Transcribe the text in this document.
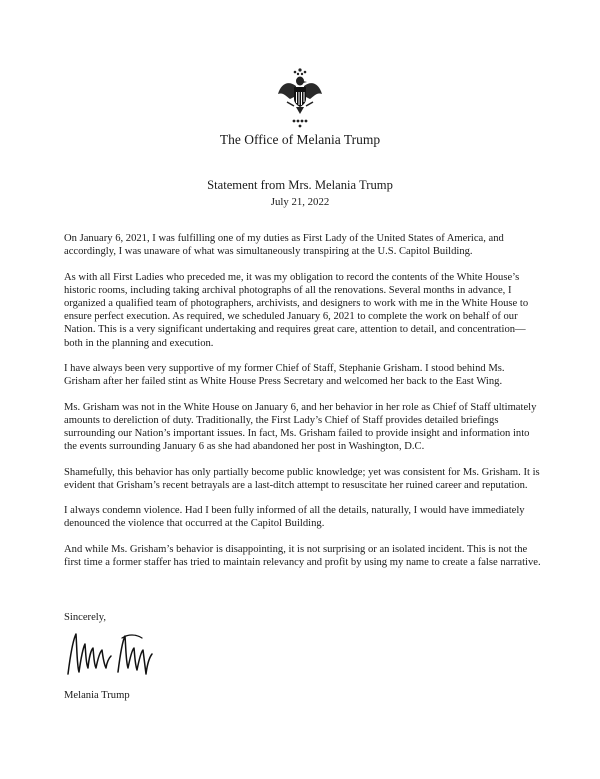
The Office of Melania Trump
Statement from Mrs. Melania Trump
July 21, 2022

On January 6, 2021, I was fulfilling one of my duties as First Lady of the United States of America, and accordingly, I was unaware of what was simultaneously transpiring at the U.S. Capitol Building.

As with all First Ladies who preceded me, it was my obligation to record the contents of the White House’s historic rooms, including taking archival photographs of all the renovations. Several months in advance, I organized a qualified team of photographers, archivists, and designers to work with me in the White House to ensure perfect execution. As required, we scheduled January 6, 2021 to complete the work on behalf of our Nation. This is a very significant undertaking and requires great care, attention to detail, and concentration—both in the planning and execution.

I have always been very supportive of my former Chief of Staff, Stephanie Grisham. I stood behind Ms. Grisham after her failed stint as White House Press Secretary and welcomed her back to the East Wing.

Ms. Grisham was not in the White House on January 6, and her behavior in her role as Chief of Staff ultimately amounts to dereliction of duty. Traditionally, the First Lady’s Chief of Staff provides detailed briefings surrounding our Nation’s important issues. In fact, Ms. Grisham failed to provide insight and information into the events surrounding January 6 as she had abandoned her post in Washington, D.C.

Shamefully, this behavior has only partially become public knowledge; yet was consistent for Ms. Grisham. It is evident that Grisham’s recent betrayals are a last-ditch attempt to resuscitate her ruined career and reputation.

I always condemn violence. Had I been fully informed of all the details, naturally, I would have immediately denounced the violence that occurred at the Capitol Building.

And while Ms. Grisham’s behavior is disappointing, it is not surprising or an isolated incident. This is not the first time a former staffer has tried to maintain relevancy and profit by using my name to create a false narrative.

Sincerely,
Melania Trump
